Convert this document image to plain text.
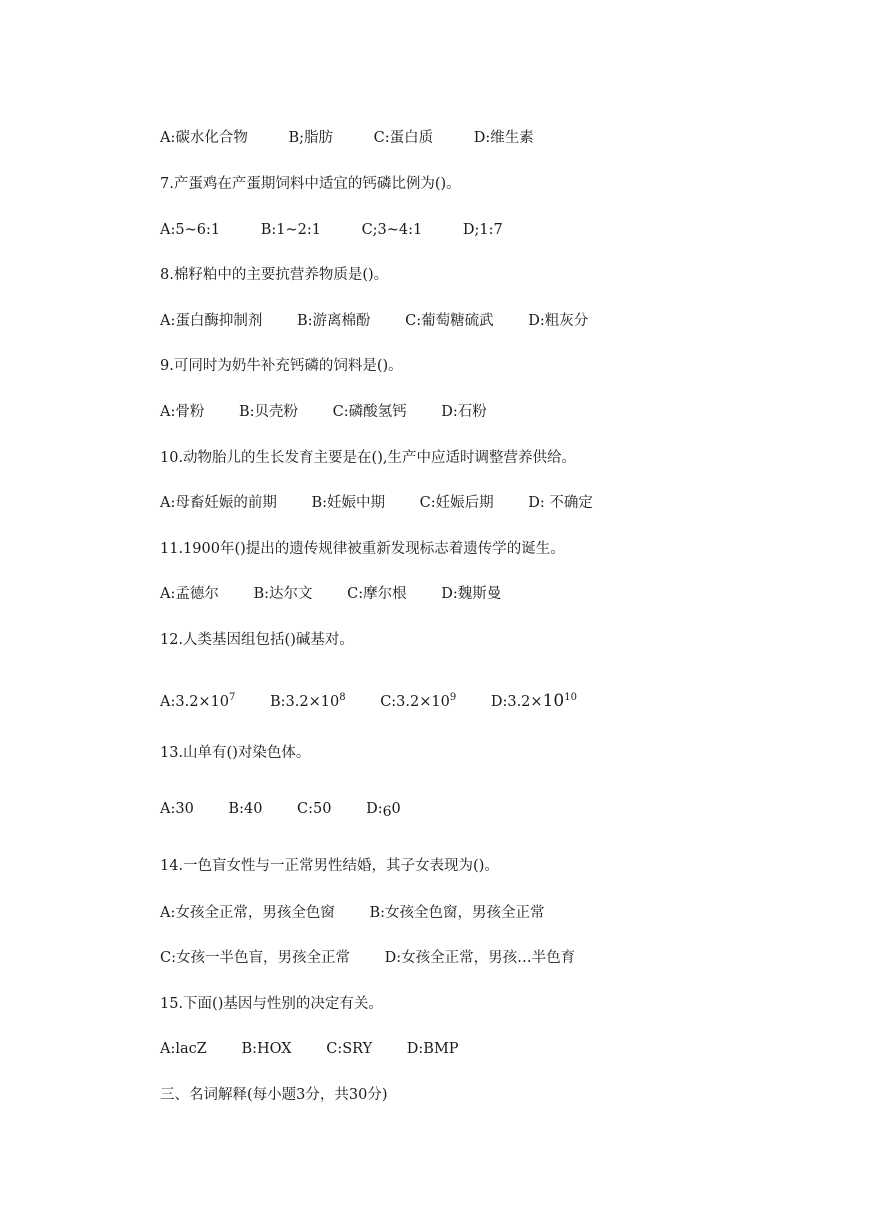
A:碳水化合物	B;脂肪	C:蛋白质	D:维生素
7.产蛋鸡在产蛋期饲料中适宜的钙磷比例为()。
A:5~6:1	B:1~2:1	C;3~4:1	D;1:7
8.棉籽粕中的主要抗营养物质是()。
A:蛋白酶抑制剂 B:游离棉酚 C:葡萄糖硫武 D:粗灰分
9.可同时为奶牛补充钙磷的饲料是()。
A:骨粉 B:贝壳粉 C:磷酸氢钙 D:石粉
10.动物胎儿的生长发育主要是在(),生产中应适时调整营养供给。
A:母畜妊娠的前期 B:妊娠中期 C:妊娠后期 D: 不确定
11.1900年()提出的遗传规律被重新发现标志着遗传学的诞生。
A:孟德尔 B:达尔文 C:摩尔根 D:魏斯曼
12.人类基因组包括()碱基对。
$A:3.2\times 10^7$ $B:3.2\times 10^8$ $C:3.2\times 10^9$ $D:3.2\times 10^{10}$
13.山单有()对染色体。
A:30 B:40 C:50 D:60
14.一色盲女性与一正常男性结婚，其子女表现为()。
A:女孩全正常，男孩全色窗 B:女孩全色窗，男孩全正常
C:女孩一半色盲，男孩全正常 D:女孩全正常，男孩…半色育
15.下面()基因与性别的决定有关。
A:lacZ B:HOX C:SRY D:BMP
三、名词解释(每小题3分，共30分)
